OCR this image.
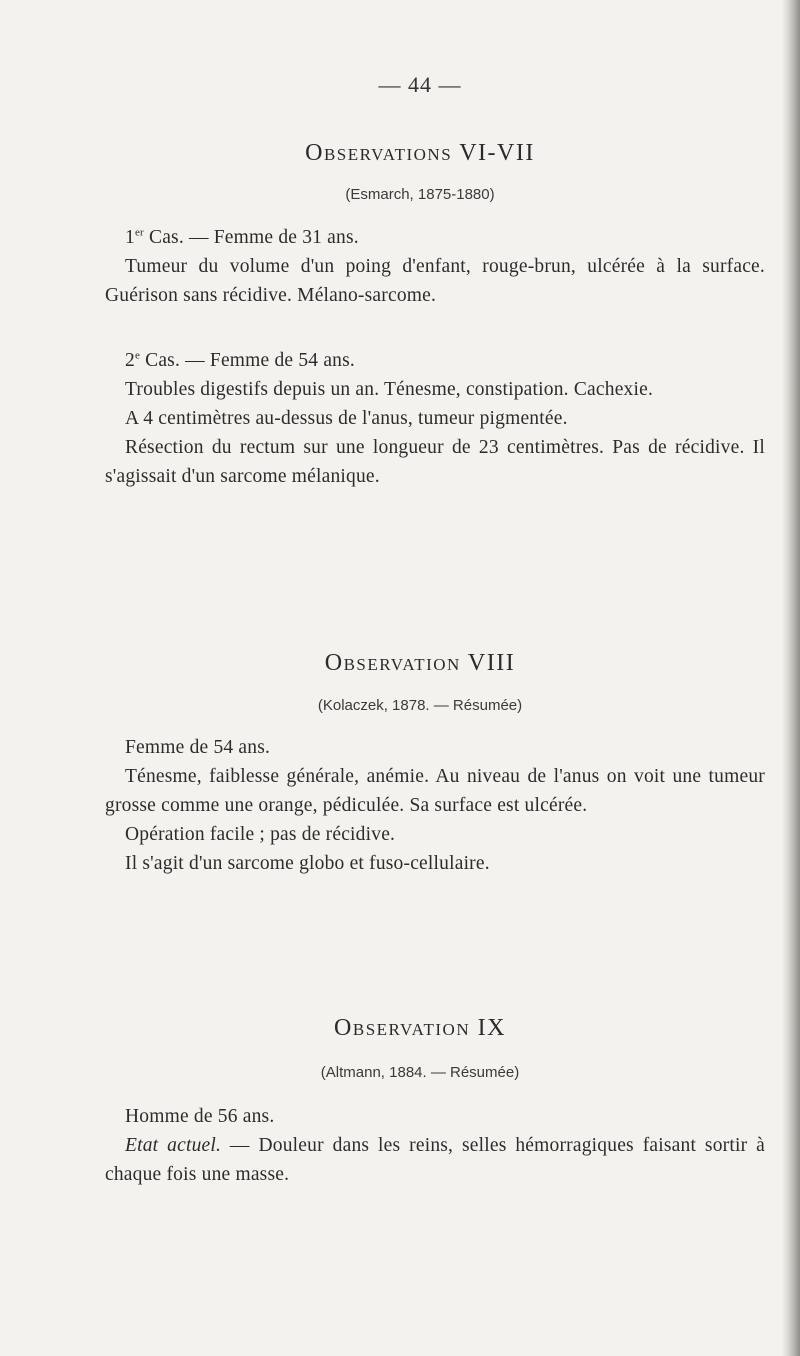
— 44 —
Observations VI-VII
(Esmarch, 1875-1880)

1er Cas. — Femme de 31 ans.

Tumeur du volume d'un poing d'enfant, rouge-brun, ulcérée à la surface. Guérison sans récidive. Mélano-sarcome.

2e Cas. — Femme de 54 ans.

Troubles digestifs depuis un an. Ténesme, constipation. Cachexie.

A 4 centimètres au-dessus de l'anus, tumeur pigmentée.

Résection du rectum sur une longueur de 23 centimètres. Pas de récidive. Il s'agissait d'un sarcome mélanique.

Observation VIII
(Kolaczek, 1878. — Résumée)

Femme de 54 ans.

Ténesme, faiblesse générale, anémie. Au niveau de l'anus on voit une tumeur grosse comme une orange, pédiculée. Sa surface est ulcérée.

Opération facile ; pas de récidive.

Il s'agit d'un sarcome globo et fuso-cellulaire.

Observation IX
(Altmann, 1884. — Résumée)

Homme de 56 ans.

Etat actuel. — Douleur dans les reins, selles hémorragiques faisant sortir à chaque fois une masse.
